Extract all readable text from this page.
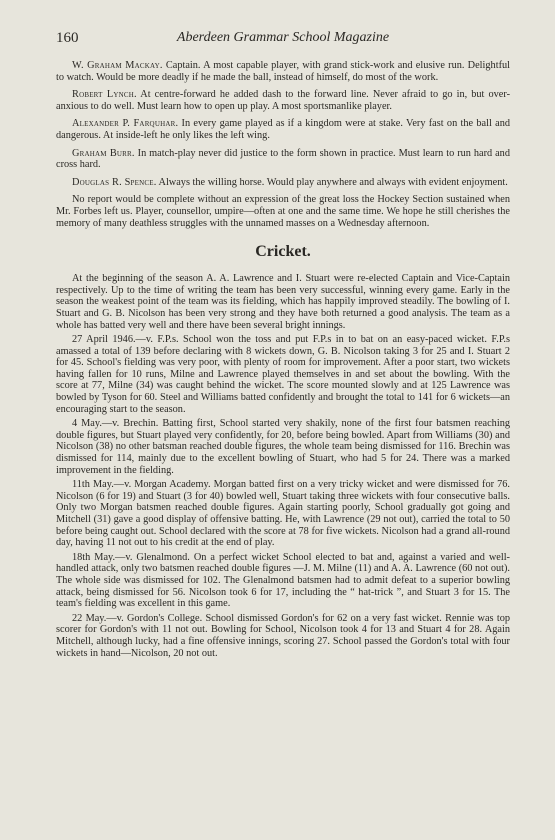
160	Aberdeen Grammar School Magazine

W. Graham Mackay. Captain. A most capable player, with grand stick-work and elusive run. Delightful to watch. Would be more deadly if he made the ball, instead of himself, do most of the work.

Robert Lynch. At centre-forward he added dash to the forward line. Never afraid to go in, but over-anxious to do well. Must learn how to open up play. A most sportsmanlike player.

Alexander P. Farquhar. In every game played as if a kingdom were at stake. Very fast on the ball and dangerous. At inside-left he only likes the left wing.

Graham Burr. In match-play never did justice to the form shown in practice. Must learn to run hard and cross hard.

Douglas R. Spence. Always the willing horse. Would play anywhere and always with evident enjoyment.

No report would be complete without an expression of the great loss the Hockey Section sustained when Mr. Forbes left us. Player, counsellor, umpire—often at one and the same time. We hope he still cherishes the memory of many deathless struggles with the unnamed masses on a Wednesday afternoon.

Cricket.

At the beginning of the season A. A. Lawrence and I. Stuart were re-elected Captain and Vice-Captain respectively. Up to the time of writing the team has been very successful, winning every game. Early in the season the weakest point of the team was its fielding, which has happily improved steadily. The bowling of I. Stuart and G. B. Nicolson has been very strong and they have both returned a good analysis. The team as a whole has batted very well and there have been several bright innings.

27 April 1946.—v. F.P.s. School won the toss and put F.P.s in to bat on an easy-paced wicket. F.P.s amassed a total of 139 before declaring with 8 wickets down, G. B. Nicolson taking 3 for 25 and I. Stuart 2 for 45. School's fielding was very poor, with plenty of room for improvement. After a poor start, two wickets having fallen for 10 runs, Milne and Lawrence played themselves in and set about the bowling. With the score at 77, Milne (34) was caught behind the wicket. The score mounted slowly and at 125 Lawrence was bowled by Tyson for 60. Steel and Williams batted confidently and brought the total to 141 for 6 wickets—an encouraging start to the season.

4 May.—v. Brechin. Batting first, School started very shakily, none of the first four batsmen reaching double figures, but Stuart played very confidently, for 20, before being bowled. Apart from Williams (30) and Nicolson (38) no other batsman reached double figures, the whole team being dismissed for 116. Brechin was dismissed for 114, mainly due to the excellent bowling of Stuart, who had 5 for 24. There was a marked improvement in the fielding.

11th May.—v. Morgan Academy. Morgan batted first on a very tricky wicket and were dismissed for 76. Nicolson (6 for 19) and Stuart (3 for 40) bowled well, Stuart taking three wickets with four consecutive balls. Only two Morgan batsmen reached double figures. Again starting poorly, School gradually got going and Mitchell (31) gave a good display of offensive batting. He, with Lawrence (29 not out), carried the total to 50 before being caught out. School declared with the score at 78 for five wickets. Nicolson had a grand all-round day, having 11 not out to his credit at the end of play.

18th May.—v. Glenalmond. On a perfect wicket School elected to bat and, against a varied and well-handled attack, only two batsmen reached double figures —J. M. Milne (11) and A. A. Lawrence (60 not out). The whole side was dismissed for 102. The Glenalmond batsmen had to admit defeat to a superior bowling attack, being dismissed for 56. Nicolson took 6 for 17, including the “ hat-trick ”, and Stuart 3 for 15. The team's fielding was excellent in this game.

22 May.—v. Gordon's College. School dismissed Gordon's for 62 on a very fast wicket. Rennie was top scorer for Gordon's with 11 not out. Bowling for School, Nicolson took 4 for 13 and Stuart 4 for 28. Again Mitchell, although lucky, had a fine offensive innings, scoring 27. School passed the Gordon's total with four wickets in hand—Nicolson, 20 not out.
